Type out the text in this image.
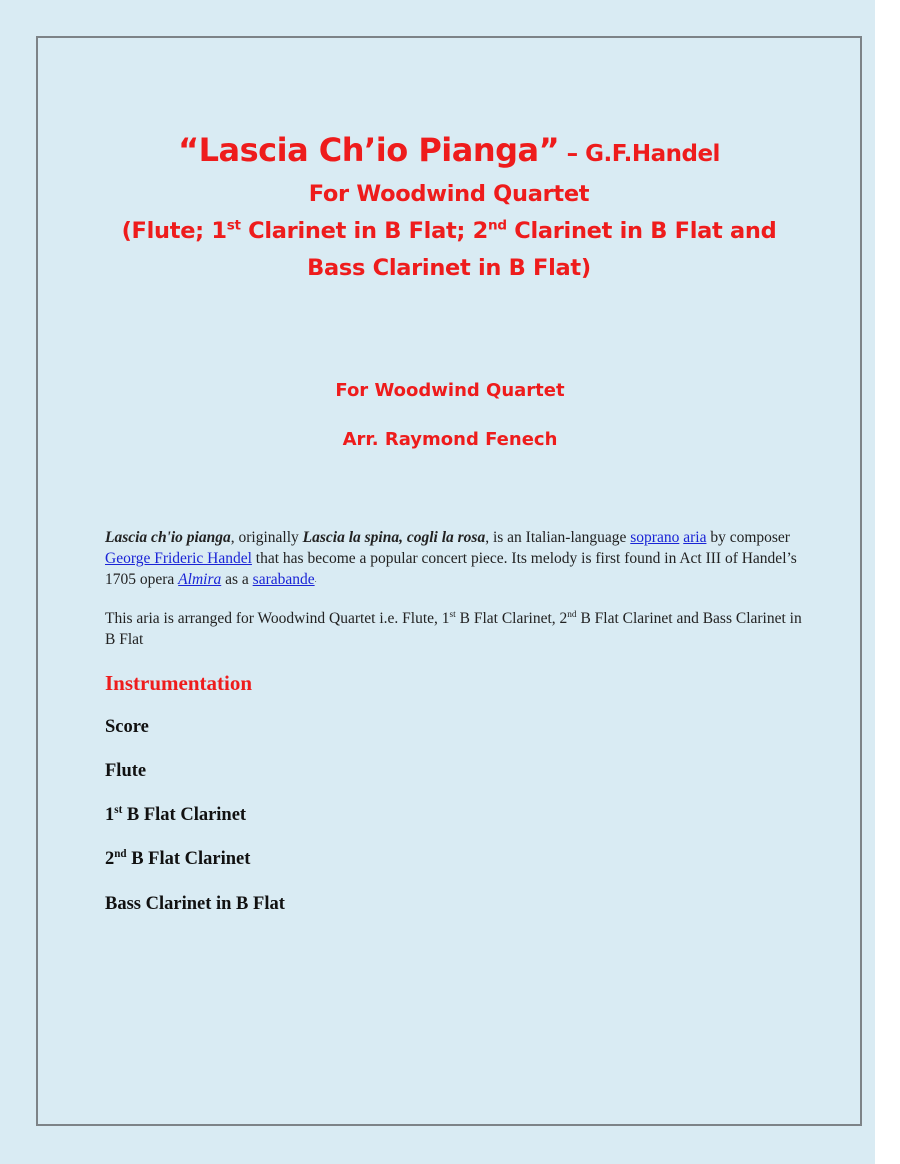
“Lascia Ch’io Pianga” – G.F.Handel

For Woodwind Quartet

(Flute; 1st Clarinet in B Flat; 2nd Clarinet in B Flat and

Bass Clarinet in B Flat)

For Woodwind Quartet
Arr. Raymond Fenech
Lascia ch'io pianga, originally Lascia la spina, cogli la rosa, is an Italian-language soprano aria by composer George Frideric Handel that has become a popular concert piece. Its melody is first found in Act III of Handel’s 1705 opera Almira as a sarabande.
This aria is arranged for Woodwind Quartet i.e. Flute, 1st B Flat Clarinet, 2nd B Flat Clarinet and Bass Clarinet in B Flat
Instrumentation
Score
Flute
1st B Flat Clarinet
2nd B Flat Clarinet
Bass Clarinet in B Flat
